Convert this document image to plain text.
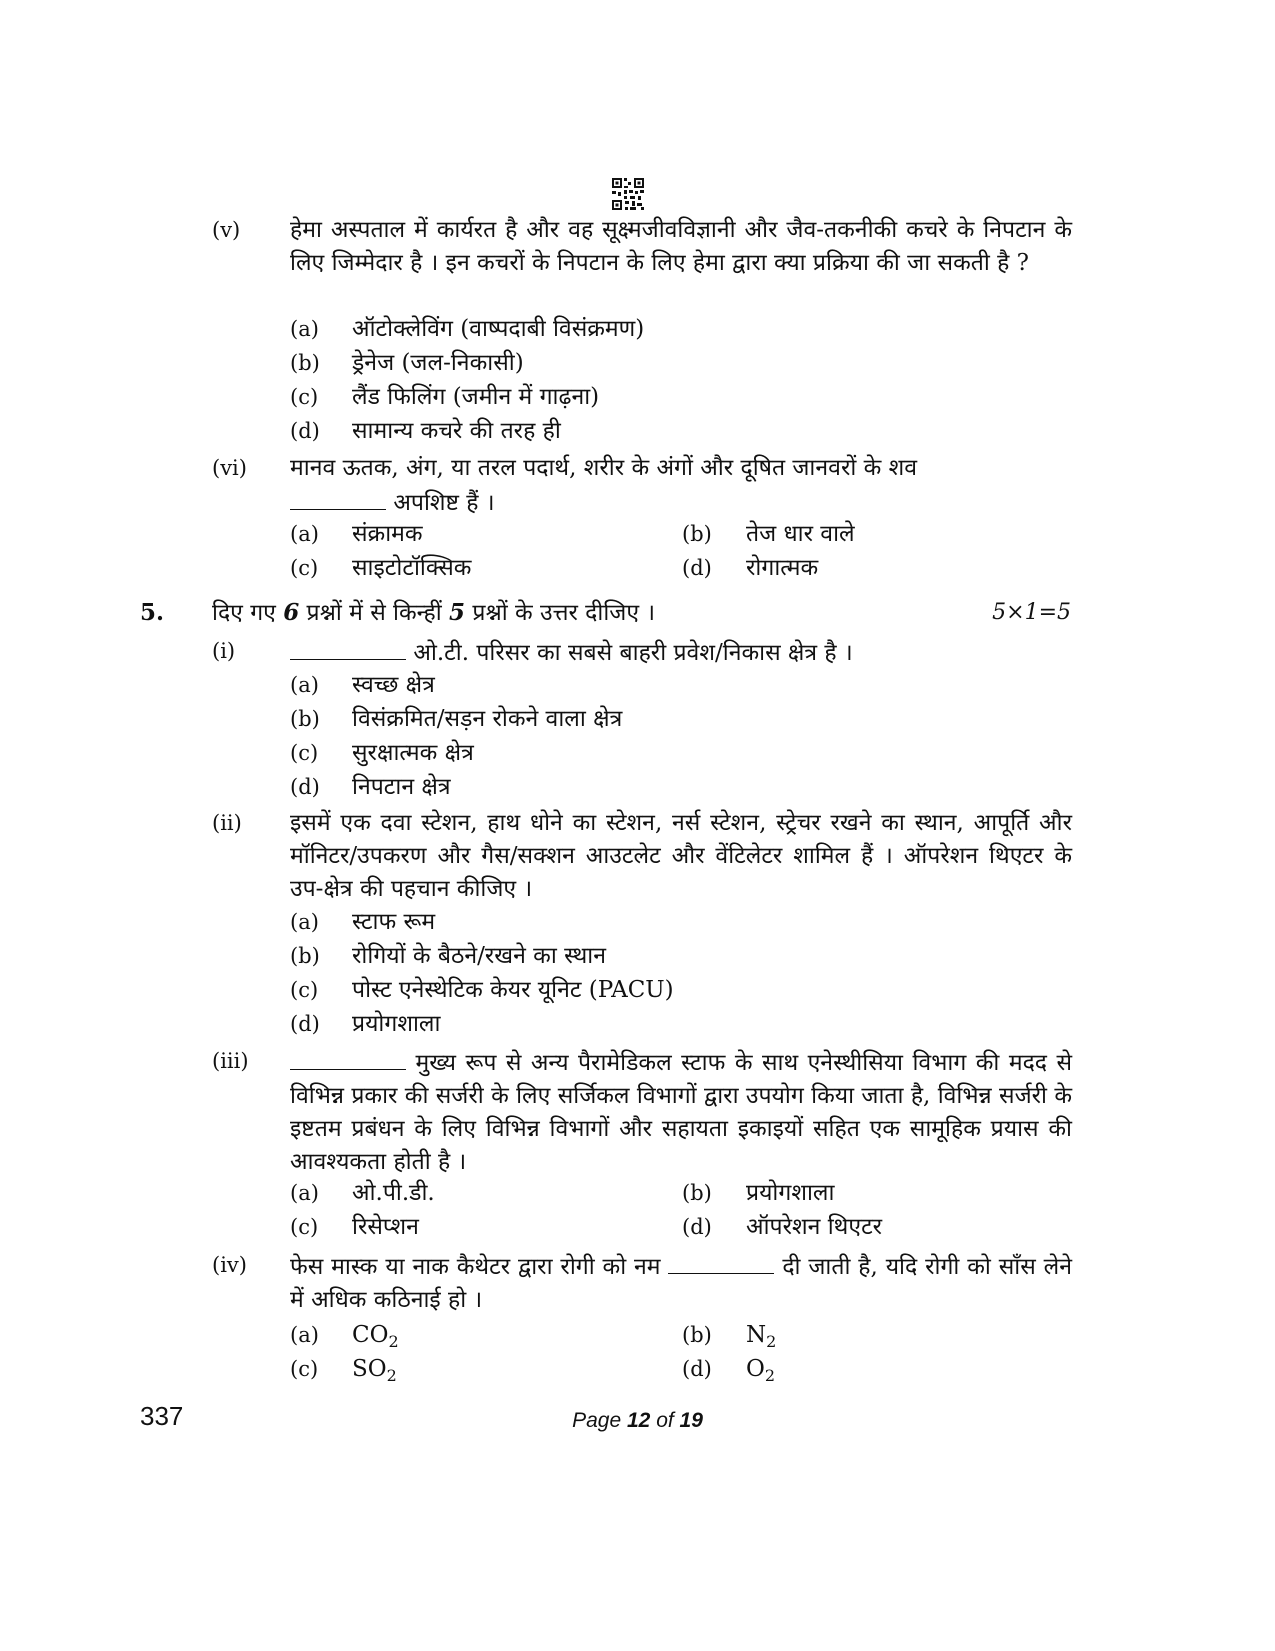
(v)	हेमा अस्पताल में कार्यरत है और वह सूक्ष्मजीवविज्ञानी और जैव-तकनीकी कचरे के निपटान के लिए जिम्मेदार है । इन कचरों के निपटान के लिए हेमा द्वारा क्या प्रक्रिया की जा सकती है ?
(a)	ऑटोक्लेविंग (वाष्पदाबी विसंक्रमण)
(b)	ड्रेनेज (जल-निकासी)
(c)	लैंड फिलिंग (जमीन में गाढ़ना)
(d)	सामान्य कचरे की तरह ही
(vi)	मानव ऊतक, अंग, या तरल पदार्थ, शरीर के अंगों और दूषित जानवरों के शव
अपशिष्ट हैं ।
(a)	संक्रामक	(b)	तेज धार वाले
(c)	साइटोटॉक्सिक	(d)	रोगात्मक
5. दिए गए 6 प्रश्नों में से किन्हीं 5 प्रश्नों के उत्तर दीजिए ।	5×1=5
(i)	ओ.टी. परिसर का सबसे बाहरी प्रवेश/निकास क्षेत्र है ।
(a)	स्वच्छ क्षेत्र
(b)	विसंक्रमित/सड़न रोकने वाला क्षेत्र
(c)	सुरक्षात्मक क्षेत्र
(d)	निपटान क्षेत्र
(ii)	इसमें एक दवा स्टेशन, हाथ धोने का स्टेशन, नर्स स्टेशन, स्ट्रेचर रखने का स्थान, आपूर्ति और मॉनिटर/उपकरण और गैस/सक्शन आउटलेट और वेंटिलेटर शामिल हैं । ऑपरेशन थिएटर के उप-क्षेत्र की पहचान कीजिए ।
(a)	स्टाफ रूम
(b)	रोगियों के बैठने/रखने का स्थान
(c)	पोस्ट एनेस्थेटिक केयर यूनिट (PACU)
(d)	प्रयोगशाला
(iii)	मुख्य रूप से अन्य पैरामेडिकल स्टाफ के साथ एनेस्थीसिया विभाग की मदद से विभिन्न प्रकार की सर्जरी के लिए सर्जिकल विभागों द्वारा उपयोग किया जाता है, विभिन्न सर्जरी के इष्टतम प्रबंधन के लिए विभिन्न विभागों और सहायता इकाइयों सहित एक सामूहिक प्रयास की आवश्यकता होती है ।
(a)	ओ.पी.डी.	(b)	प्रयोगशाला
(c)	रिसेप्शन	(d)	ऑपरेशन थिएटर
(iv)	फेस मास्क या नाक कैथेटर द्वारा रोगी को नम	दी जाती है, यदि रोगी को साँस लेने में अधिक कठिनाई हो ।
(a)	$CO_2$	(b)	$N_2$
(c)	$SO_2$	(d)	$O_2$
337	Page 12 of 19
